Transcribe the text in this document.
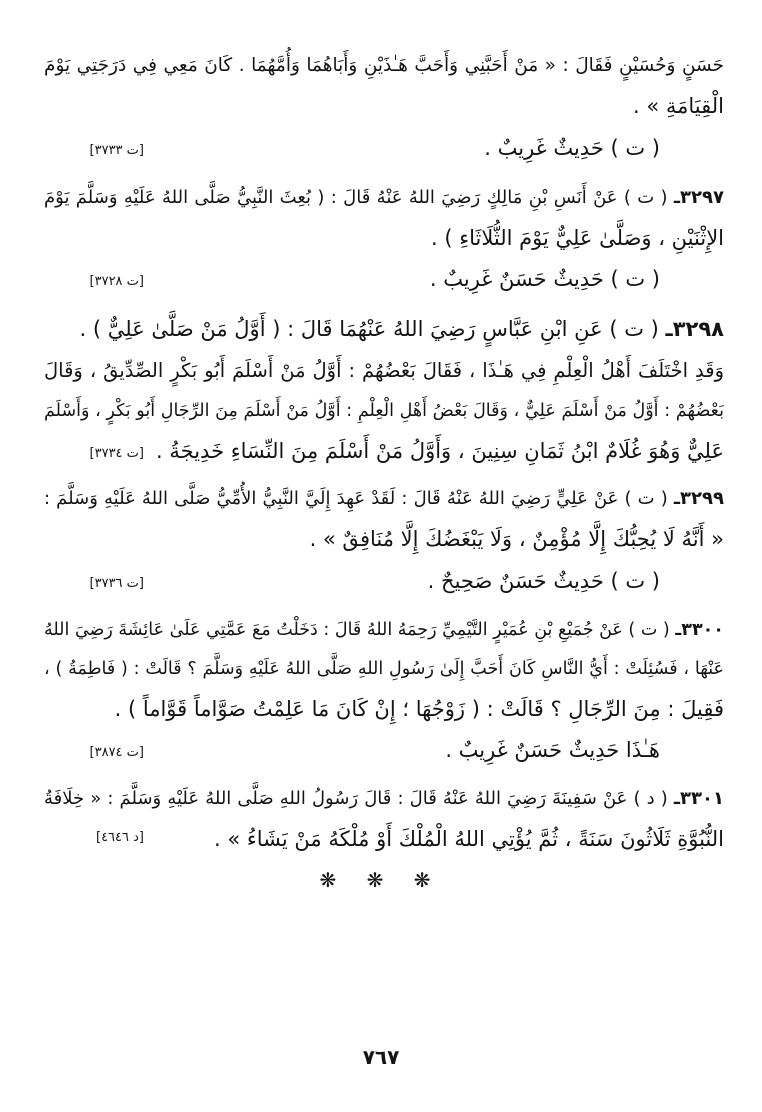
حَسَنٍ وَحُسَيْنٍ فَقَالَ : « مَنْ أَحَبَّنِي وَأَحَبَّ هَـٰذَيْنِ وَأَبَاهُمَا وَأُمَّهُمَا . كَانَ مَعِي فِي دَرَجَتِي يَوْمَ
الْقِيَامَةِ » .
( ت ) حَدِيثٌ غَرِيبٌ .
[ت ٣٧٣٣]
٣٢٩٧ـ ( ت ) عَنْ أَنَسِ بْنِ مَالِكٍ رَضِيَ اللهُ عَنْهُ قَالَ : ( بُعِثَ النَّبِيُّ صَلَّى اللهُ عَلَيْهِ وَسَلَّمَ يَوْمَ
الإِثْنَيْنِ ، وَصَلَّىٰ عَلِيٌّ يَوْمَ الثُّلَاثَاءِ ) .
( ت ) حَدِيثٌ حَسَنٌ غَرِيبٌ .
[ت ٣٧٢٨]
٣٢٩٨ـ ( ت ) عَنِ ابْنِ عَبَّاسٍ رَضِيَ اللهُ عَنْهُمَا قَالَ : ( أَوَّلُ مَنْ صَلَّىٰ عَلِيٌّ ) .
وَقَدِ اخْتَلَفَ أَهْلُ الْعِلْمِ فِي هَـٰذَا ، فَقَالَ بَعْضُهُمْ : أَوَّلُ مَنْ أَسْلَمَ أَبُو بَكْرٍ الصِّدِّيقُ ، وَقَالَ
بَعْضُهُمْ : أَوَّلُ مَنْ أَسْلَمَ عَلِيٌّ ، وَقَالَ بَعْضُ أَهْلِ الْعِلْمِ : أَوَّلُ مَنْ أَسْلَمَ مِنَ الرِّجَالِ أَبُو بَكْرٍ ، وَأَسْلَمَ
عَلِيٌّ وَهُوَ غُلَامٌ ابْنُ ثَمَانِ سِنِينَ ، وَأَوَّلُ مَنْ أَسْلَمَ مِنَ النِّسَاءِ خَدِيجَةُ .
[ت ٣٧٣٤]
٣٢٩٩ـ ( ت ) عَنْ عَلِيٍّ رَضِيَ اللهُ عَنْهُ قَالَ : لَقَدْ عَهِدَ إِلَيَّ النَّبِيُّ الأُمِّيُّ صَلَّى اللهُ عَلَيْهِ وَسَلَّمَ :
« أَنَّهُ لَا يُحِبُّكَ إِلَّا مُؤْمِنٌ ، وَلَا يَبْغَضُكَ إِلَّا مُنَافِقٌ » .
( ت ) حَدِيثٌ حَسَنٌ صَحِيحٌ .
[ت ٣٧٣٦]
٣٣٠٠ـ ( ت ) عَنْ جُمَيْعِ بْنِ عُمَيْرٍ التَّيْمِيِّ رَحِمَهُ اللهُ قَالَ : دَخَلْتُ مَعَ عَمَّتِي عَلَىٰ عَائِشَةَ رَضِيَ اللهُ
عَنْهَا ، فَسُئِلَتْ : أَيُّ النَّاسِ كَانَ أَحَبَّ إِلَىٰ رَسُولِ اللهِ صَلَّى اللهُ عَلَيْهِ وَسَلَّمَ ؟ قَالَتْ : ( فَاطِمَةُ ) ،
فَقِيلَ : مِنَ الرِّجَالِ ؟ قَالَتْ : ( زَوْجُهَا ؛ إِنْ كَانَ مَا عَلِمْتُ صَوَّاماً قَوَّاماً ) .
هَـٰذَا حَدِيثٌ حَسَنٌ غَرِيبٌ .
[ت ٣٨٧٤]
٣٣٠١ـ ( د ) عَنْ سَفِينَةَ رَضِيَ اللهُ عَنْهُ قَالَ : قَالَ رَسُولُ اللهِ صَلَّى اللهُ عَلَيْهِ وَسَلَّمَ : « خِلَافَةُ
النُّبُوَّةِ ثَلَاثُونَ سَنَةً ، ثُمَّ يُؤْتِي اللهُ الْمُلْكَ أَوْ مُلْكَهُ مَنْ يَشَاءُ » .
[د ٤٦٤٦]
❋ ❋ ❋
٧٦٧
